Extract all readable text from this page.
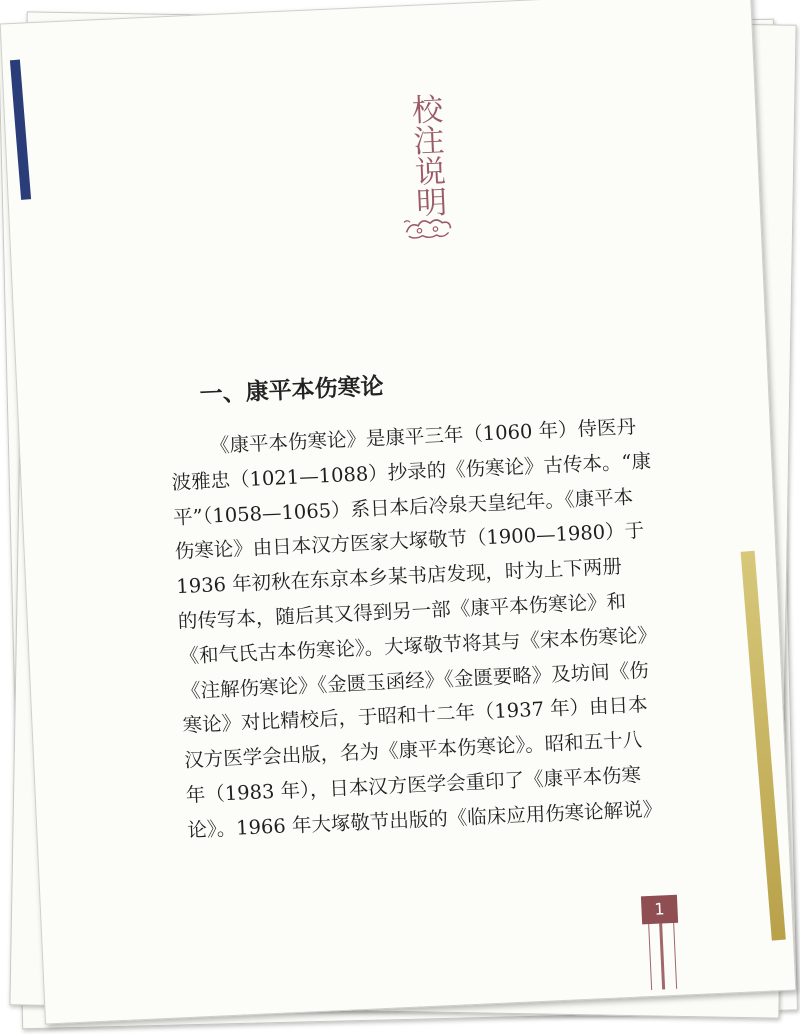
校注说明
一、康平本伤寒论
《康平本伤寒论》是康平三年（1060 年）侍医丹
波雅忠（1021—1088）抄录的《伤寒论》古传本。“康
平”（1058—1065）系日本后冷泉天皇纪年。《康平本
伤寒论》由日本汉方医家大塚敬节（1900—1980）于
1936 年初秋在东京本乡某书店发现，时为上下两册
的传写本，随后其又得到另一部《康平本伤寒论》和
《和气氏古本伤寒论》。大塚敬节将其与《宋本伤寒论》
《注解伤寒论》《金匮玉函经》《金匮要略》及坊间《伤
寒论》对比精校后，于昭和十二年（1937 年）由日本
汉方医学会出版，名为《康平本伤寒论》。昭和五十八
年（1983 年），日本汉方医学会重印了《康平本伤寒
论》。1966 年大塚敬节出版的《临床应用伤寒论解说》
1
